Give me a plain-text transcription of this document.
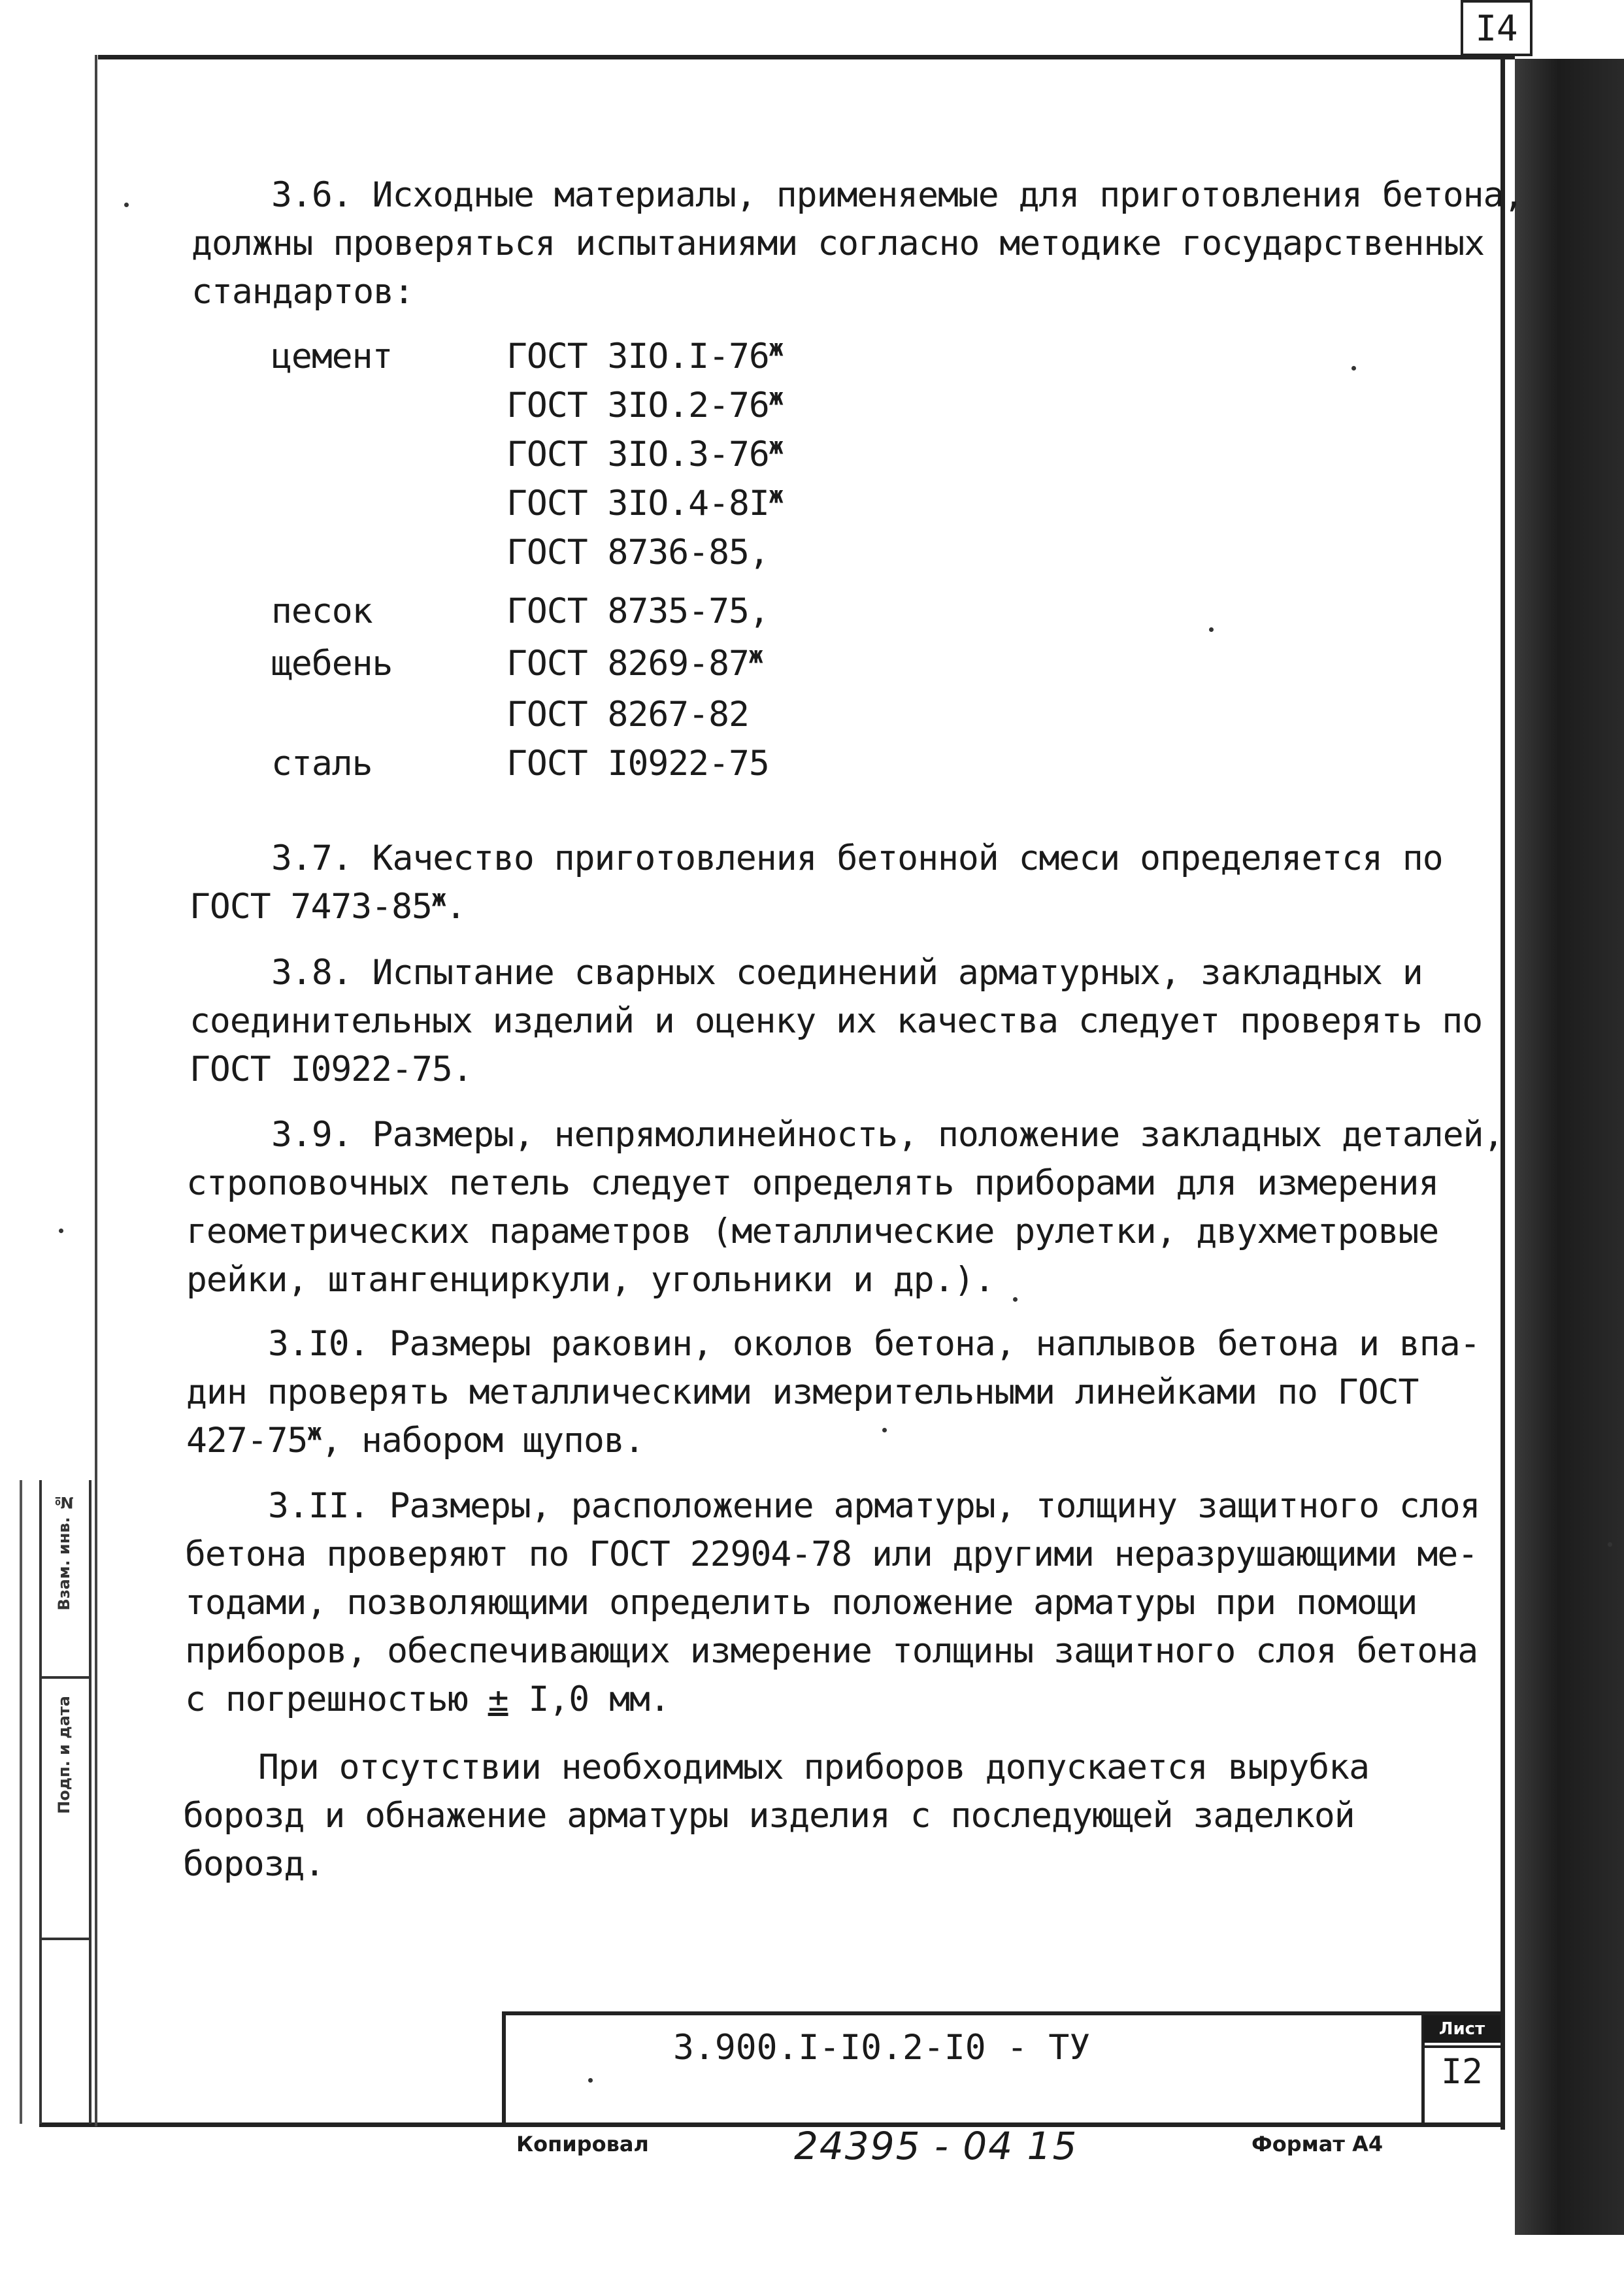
I4
Взам. инв. №
Подп. и дата
3.6. Исходные материалы, применяемые для приготовления бетона,
должны проверяться испытаниями согласно методике государственных
стандартов:
цемент	ГОСТ $3IO.I-76^ж$
ГОСТ $3IO.2-76^ж$
ГОСТ $3IO.3-76^ж$
ГОСТ $3IO.4-8I^ж$
ГОСТ 8736-85,
песок	ГОСТ 8735-75,
щебень	ГОСТ $8269-87^ж$
ГОСТ 8267-82
сталь	ГОСТ I0922-75
3.7. Качество приготовления бетонной смеси определяется по
ГОСТ $7473-85^ж$.
3.8. Испытание сварных соединений арматурных, закладных и
соединительных изделий и оценку их качества следует проверять по
ГОСТ I0922-75.
3.9. Размеры, непрямолинейность, положение закладных деталей,
строповочных петель следует определять приборами для измерения
геометрических параметров (металлические рулетки, двухметровые
рейки, штангенциркули, угольники и др.).
3.I0. Размеры раковин, околов бетона, наплывов бетона и впа-
дин проверять металлическими измерительными линейками по ГОСТ
$427-75^ж$, набором щупов.
3.II. Размеры, расположение арматуры, толщину защитного слоя
бетона проверяют по ГОСТ 22904-78 или другими неразрушающими ме-
тодами, позволяющими определить положение арматуры при помощи
приборов, обеспечивающих измерение толщины защитного слоя бетона
с погрешностью ± I,0 мм.
При отсутствии необходимых приборов допускается вырубка
борозд и обнажение арматуры изделия с последующей заделкой
борозд.
3.900.I-I0.2-I0 - ТУ	Лист
I2
Копировал	24395 - 04 15	Формат А4
